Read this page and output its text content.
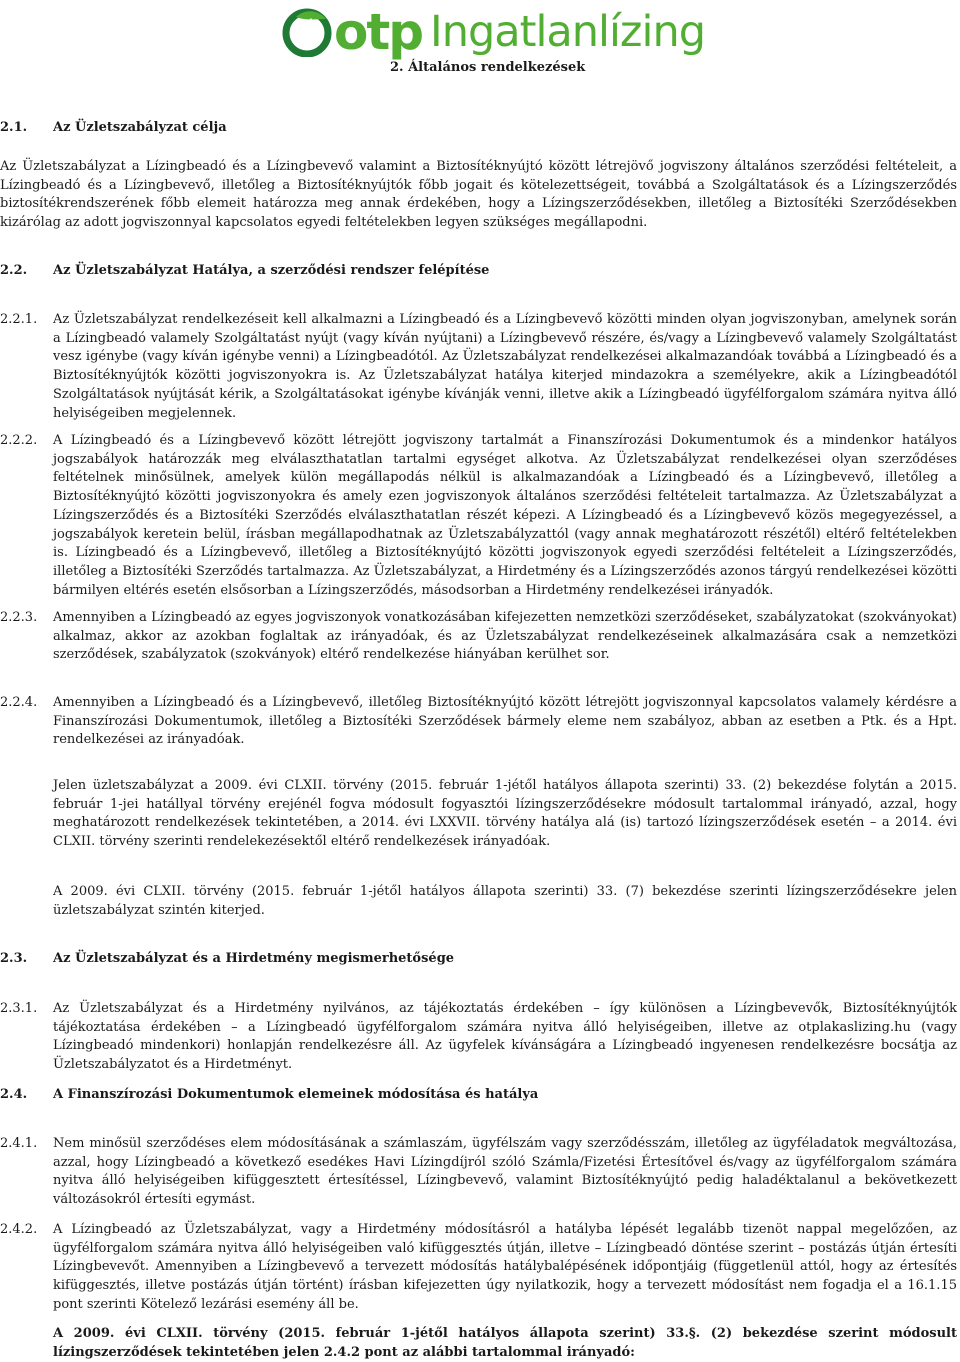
otp Ingatlanlízing
2. Általános rendelkezések
2.1. Az Üzletszabályzat célja
Az Üzletszabályzat a Lízingbeadó és a Lízingbevevő valamint a Biztosítéknyújtó között létrejövő jogviszony általános szerződési feltételeit, a Lízingbeadó és a Lízingbevevő, illetőleg a Biztosítéknyújtók főbb jogait és kötelezettségeit, továbbá a Szolgáltatások és a Lízingszerződés biztosítékrendszerének főbb elemeit határozza meg annak érdekében, hogy a Lízingszerződésekben, illetőleg a Biztosítéki Szerződésekben kizárólag az adott jogviszonnyal kapcsolatos egyedi feltételekben legyen szükséges megállapodni.
2.2. Az Üzletszabályzat Hatálya, a szerződési rendszer felépítése
2.2.1. Az Üzletszabályzat rendelkezéseit kell alkalmazni a Lízingbeadó és a Lízingbevevő közötti minden olyan jogviszonyban, amelynek során a Lízingbeadó valamely Szolgáltatást nyújt (vagy kíván nyújtani) a Lízingbevevő részére, és/vagy a Lízingbevevő valamely Szolgáltatást vesz igénybe (vagy kíván igénybe venni) a Lízingbeadótól. Az Üzletszabályzat rendelkezései alkalmazandóak továbbá a Lízingbeadó és a Biztosítéknyújtók közötti jogviszonyokra is. Az Üzletszabályzat hatálya kiterjed mindazokra a személyekre, akik a Lízingbeadótól Szolgáltatások nyújtását kérik, a Szolgáltatásokat igénybe kívánják venni, illetve akik a Lízingbeadó ügyfélforgalom számára nyitva álló helyiségeiben megjelennek.
2.2.2. A Lízingbeadó és a Lízingbevevő között létrejött jogviszony tartalmát a Finanszírozási Dokumentumok és a mindenkor hatályos jogszabályok határozzák meg elválaszthatatlan tartalmi egységet alkotva. Az Üzletszabályzat rendelkezései olyan szerződéses feltételnek minősülnek, amelyek külön megállapodás nélkül is alkalmazandóak a Lízingbeadó és a Lízingbevevő, illetőleg a Biztosítéknyújtó közötti jogviszonyokra és amely ezen jogviszonyok általános szerződési feltételeit tartalmazza. Az Üzletszabályzat a Lízingszerződés és a Biztosítéki Szerződés elválaszthatatlan részét képezi. A Lízingbeadó és a Lízingbevevő közös megegyezéssel, a jogszabályok keretein belül, írásban megállapodhatnak az Üzletszabályzattól (vagy annak meghatározott részétől) eltérő feltételekben is. Lízingbeadó és a Lízingbevevő, illetőleg a Biztosítéknyújtó közötti jogviszonyok egyedi szerződési feltételeit a Lízingszerződés, illetőleg a Biztosítéki Szerződés tartalmazza. Az Üzletszabályzat, a Hirdetmény és a Lízingszerződés azonos tárgyú rendelkezései közötti bármilyen eltérés esetén elsősorban a Lízingszerződés, másodsorban a Hirdetmény rendelkezései irányadók.
2.2.3. Amennyiben a Lízingbeadó az egyes jogviszonyok vonatkozásában kifejezetten nemzetközi szerződéseket, szabályzatokat (szokványokat) alkalmaz, akkor az azokban foglaltak az irányadóak, és az Üzletszabályzat rendelkezéseinek alkalmazására csak a nemzetközi szerződések, szabályzatok (szokványok) eltérő rendelkezése hiányában kerülhet sor.
2.2.4. Amennyiben a Lízingbeadó és a Lízingbevevő, illetőleg Biztosítéknyújtó között létrejött jogviszonnyal kapcsolatos valamely kérdésre a Finanszírozási Dokumentumok, illetőleg a Biztosítéki Szerződések bármely eleme nem szabályoz, abban az esetben a Ptk. és a Hpt. rendelkezései az irányadóak.
Jelen üzletszabályzat a 2009. évi CLXII. törvény (2015. február 1-jétől hatályos állapota szerinti) 33. (2) bekezdése folytán a 2015. február 1-jei hatállyal törvény erejénél fogva módosult fogyasztói lízingszerződésekre módosult tartalommal irányadó, azzal, hogy meghatározott rendelkezések tekintetében, a 2014. évi LXXVII. törvény hatálya alá (is) tartozó lízingszerződések esetén – a 2014. évi CLXII. törvény szerinti rendelekezésektől eltérő rendelkezések irányadóak.
A 2009. évi CLXII. törvény (2015. február 1-jétől hatályos állapota szerinti) 33. (7) bekezdése szerinti lízingszerződésekre jelen üzletszabályzat szintén kiterjed.
2.3. Az Üzletszabályzat és a Hirdetmény megismerhetősége
2.3.1. Az Üzletszabályzat és a Hirdetmény nyilvános, az tájékoztatás érdekében – így különösen a Lízingbevevők, Biztosítéknyújtók tájékoztatása érdekében – a Lízingbeadó ügyfélforgalom számára nyitva álló helyiségeiben, illetve az otplakaslizing.hu (vagy Lízingbeadó mindenkori) honlapján rendelkezésre áll. Az ügyfelek kívánságára a Lízingbeadó ingyenesen rendelkezésre bocsátja az Üzletszabályzatot és a Hirdetményt.
2.4. A Finanszírozási Dokumentumok elemeinek módosítása és hatálya
2.4.1. Nem minősül szerződéses elem módosításának a számlaszám, ügyfélszám vagy szerződésszám, illetőleg az ügyféladatok megváltozása, azzal, hogy Lízingbeadó a következő esedékes Havi Lízingdíjról szóló Számla/Fizetési Értesítővel és/vagy az ügyfélforgalom számára nyitva álló helyiségeiben kifüggesztett értesítéssel, Lízingbevevő, valamint Biztosítéknyújtó pedig haladéktalanul a bekövetkezett változásokról értesíti egymást.
2.4.2. A Lízingbeadó az Üzletszabályzat, vagy a Hirdetmény módosításról a hatályba lépését legalább tizenöt nappal megelőzően, az ügyfélforgalom számára nyitva álló helyiségeiben való kifüggesztés útján, illetve – Lízingbeadó döntése szerint – postázás útján értesíti Lízingbevevőt. Amennyiben a Lízingbevevő a tervezett módosítás hatálybalépésének időpontjáig (függetlenül attól, hogy az értesítés kifüggesztés, illetve postázás útján történt) írásban kifejezetten úgy nyilatkozik, hogy a tervezett módosítást nem fogadja el a 16.1.15 pont szerinti Kötelező lezárási esemény áll be.
A 2009. évi CLXII. törvény (2015. február 1-jétől hatályos állapota szerint) 33.§. (2) bekezdése szerint módosult lízingszerződések tekintetében jelen 2.4.2 pont az alábbi tartalommal irányadó:
